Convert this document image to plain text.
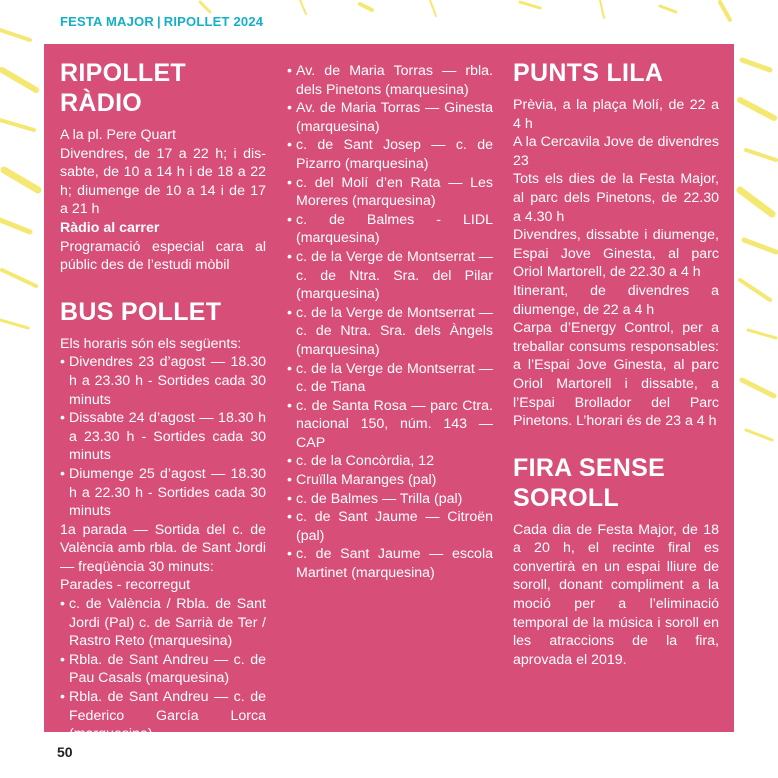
FESTA MAJOR | RIPOLLET 2024
RIPOLLET RÀDIO

A la pl. Pere Quart

Divendres, de 17 a 22 h; i dis-sabte, de 10 a 14 h i de 18 a 22 h; diumenge de 10 a 14 i de 17 a 21 h

Ràdio al carrer

Programació especial cara al públic des de l’estudi mòbil

BUS POLLET

Els horaris són els següents:

• Divendres 23 d’agost — 18.30 h a 23.30 h - Sortides cada 30 minuts
• Dissabte 24 d’agost — 18.30 h a 23.30 h - Sortides cada 30 minuts
• Diumenge 25 d’agost — 18.30 h a 22.30 h - Sortides cada 30 minuts

1a parada — Sortida del c. de València amb rbla. de Sant Jordi — freqüència 30 minuts:

Parades - recorregut

• c. de València / Rbla. de Sant Jordi (Pal) c. de Sarrià de Ter / Rastro Reto (marquesina)
• Rbla. de Sant Andreu — c. de Pau Casals (marquesina)
• Rbla. de Sant Andreu — c. de Federico García Lorca (marquesina)
• Av. de Maria Torras — rbla. dels Pinetons (marquesina)
• Av. de Maria Torras — Ginesta (marquesina)
• c. de Sant Josep — c. de Pizarro (marquesina)
• c. del Molí d’en Rata — Les Moreres (marquesina)
• c. de Balmes - LIDL (marquesina)
• c. de la Verge de Montserrat — c. de Ntra. Sra. del Pilar (marquesina)
• c. de la Verge de Montserrat — c. de Ntra. Sra. dels Àngels (marquesina)
• c. de la Verge de Montserrat — c. de Tiana
• c. de Santa Rosa — parc Ctra. nacional 150, núm. 143 — CAP
• c. de la Concòrdia, 12
• Cruïlla Maranges (pal)
• c. de Balmes — Trilla (pal)
• c. de Sant Jaume — Citroën (pal)
• c. de Sant Jaume — escola Martinet (marquesina)
PUNTS LILA

Prèvia, a la plaça Molí, de 22 a 4 h

A la Cercavila Jove de divendres 23

Tots els dies de la Festa Major, al parc dels Pinetons, de 22.30 a 4.30 h

Divendres, dissabte i diumenge, Espai Jove Ginesta, al parc Oriol Martorell, de 22.30 a 4 h

Itinerant, de divendres a diumenge, de 22 a 4 h

Carpa d’Energy Control, per a treballar consums responsables: a l’Espai Jove Ginesta, al parc Oriol Martorell i dissabte, a l’Espai Brollador del Parc Pinetons. L’horari és de 23 a 4 h

FIRA SENSE SOROLL

Cada dia de Festa Major, de 18 a 20 h, el recinte firal es convertirà en un espai lliure de soroll, donant compliment a la moció per a l’eliminació temporal de la música i soroll en les atraccions de la fira, aprovada el 2019.

50
